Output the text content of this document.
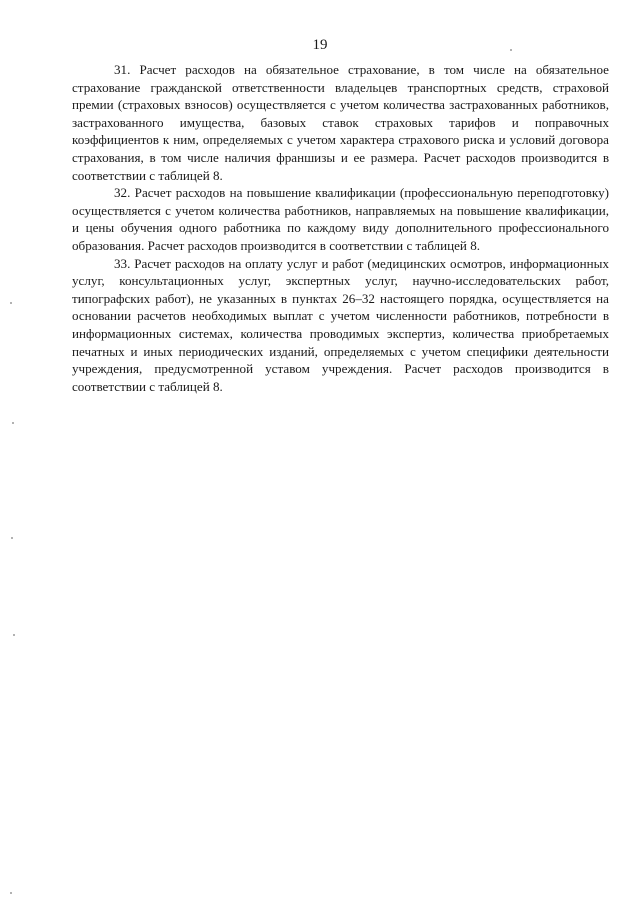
19

31. Расчет расходов на обязательное страхование, в том числе на обязательное страхование гражданской ответственности владельцев транспортных средств, страховой премии (страховых взносов) осуществляется с учетом количества застрахованных работников, застрахованного имущества, базовых ставок страховых тарифов и поправочных коэффициентов к ним, определяемых с учетом характера страхового риска и условий договора страхования, в том числе наличия франшизы и ее размера. Расчет расходов производится в соответствии с таблицей 8.

32. Расчет расходов на повышение квалификации (профессиональную переподготовку) осуществляется с учетом количества работников, направляемых на повышение квалификации, и цены обучения одного работника по каждому виду дополнительного профессионального образования. Расчет расходов производится в соответствии с таблицей 8.

33. Расчет расходов на оплату услуг и работ (медицинских осмотров, информационных услуг, консультационных услуг, экспертных услуг, научно-исследовательских работ, типографских работ), не указанных в пунктах 26–32 настоящего порядка, осуществляется на основании расчетов необходимых выплат с учетом численности работников, потребности в информационных системах, количества проводимых экспертиз, количества приобретаемых печатных и иных периодических изданий, определяемых с учетом специфики деятельности учреждения, предусмотренной уставом учреждения. Расчет расходов производится в соответствии с таблицей 8.
